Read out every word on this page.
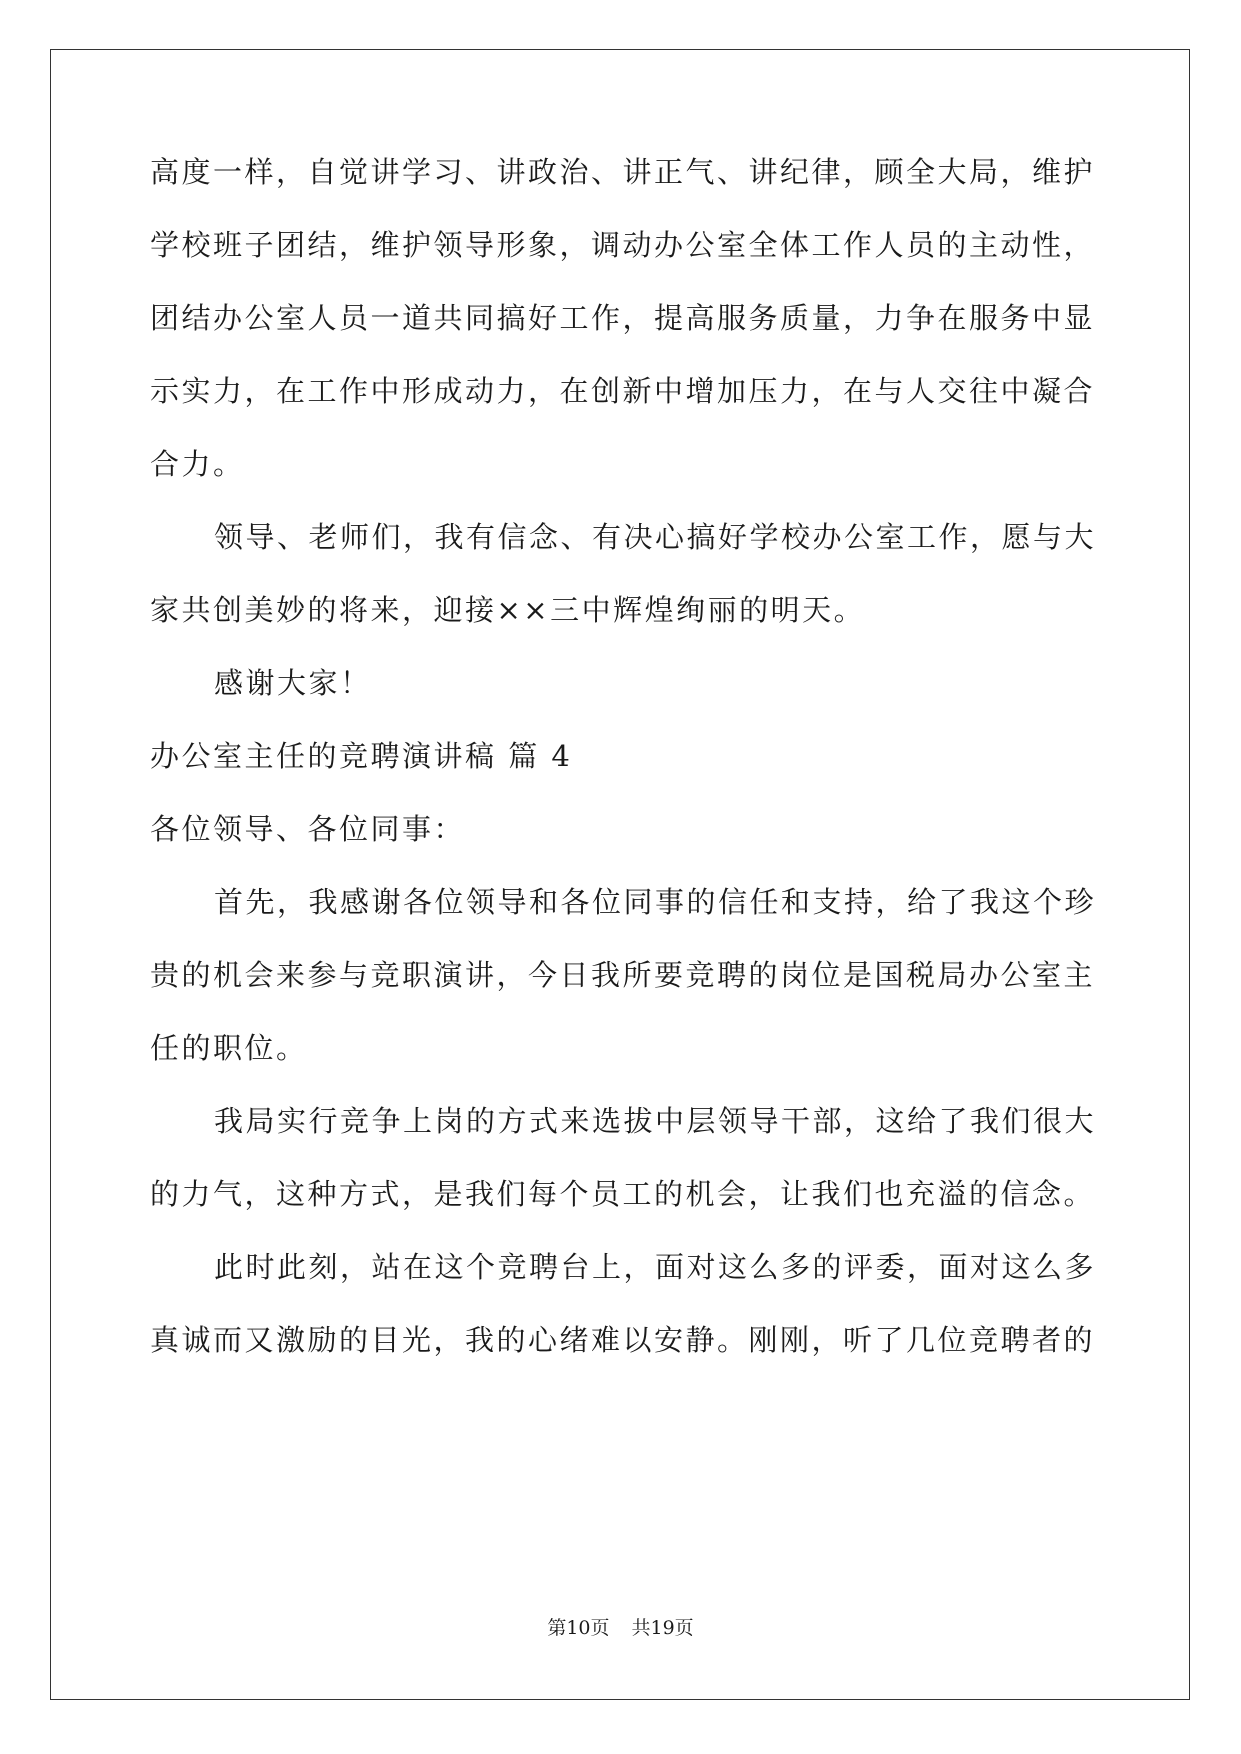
高度一样，自觉讲学习、讲政治、讲正气、讲纪律，顾全大局，维护
学校班子团结，维护领导形象，调动办公室全体工作人员的主动性，
团结办公室人员一道共同搞好工作，提高服务质量，力争在服务中显
示实力，在工作中形成动力，在创新中增加压力，在与人交往中凝合
合力。
领导、老师们，我有信念、有决心搞好学校办公室工作，愿与大
家共创美妙的将来，迎接××三中辉煌绚丽的明天。
感谢大家！
办公室主任的竞聘演讲稿 篇 4
各位领导、各位同事：
首先，我感谢各位领导和各位同事的信任和支持，给了我这个珍
贵的机会来参与竞职演讲，今日我所要竞聘的岗位是国税局办公室主
任的职位。
我局实行竞争上岗的方式来选拔中层领导干部，这给了我们很大
的力气，这种方式，是我们每个员工的机会，让我们也充溢的信念。
此时此刻，站在这个竞聘台上，面对这么多的评委，面对这么多
真诚而又激励的目光，我的心绪难以安静。刚刚，听了几位竞聘者的
第10页 共19页
